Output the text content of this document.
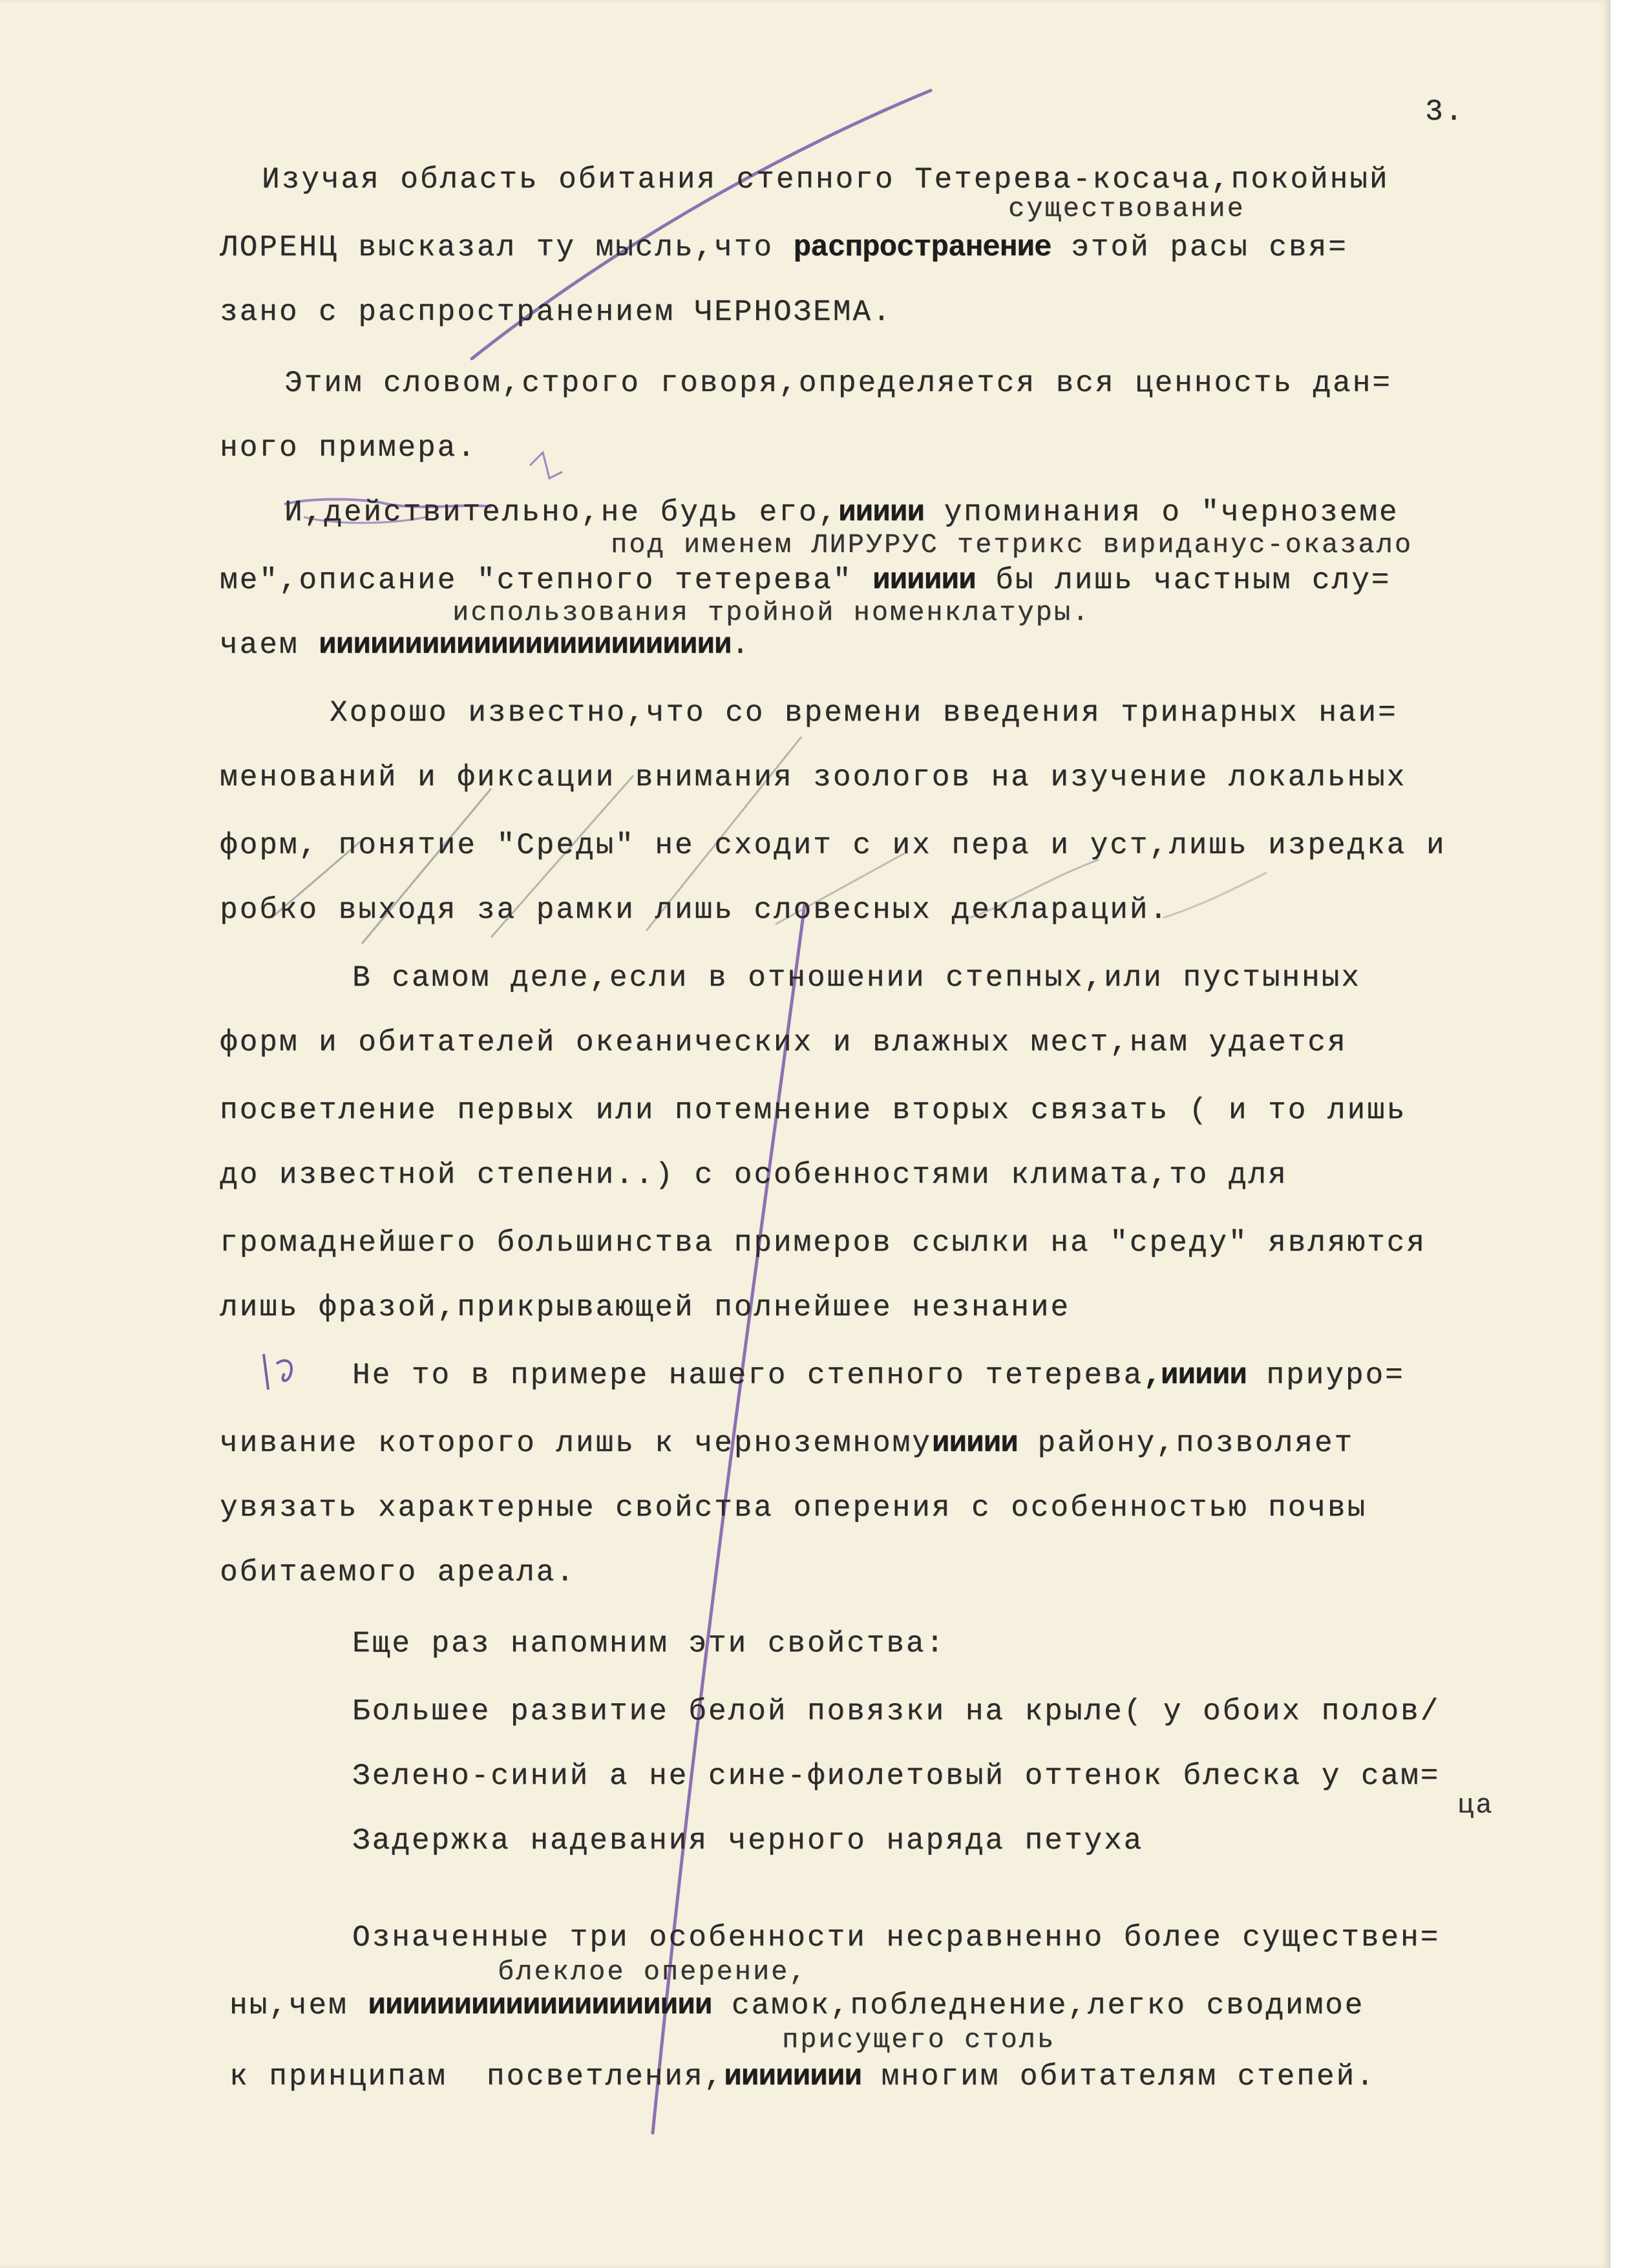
3.
Изучая область обитания степного Тетерева-косача,покойный
существование
ЛОРЕНЦ высказал ту мысль,что распространение этой расы свя=
зано с распространением ЧЕРНОЗЕМА.
Этим словом,строго говоря,определяется вся ценность дан=
ного примера.
И,действительно,не будь его,иииии упоминания о "черноземе
под именем ЛИРУРУС тетрикс вириданус-оказало
ме",описание "степного тетерева" ииииии бы лишь частным слу=
использования тройной номенклатуры.
чаем ииииииииииииииииииииииии.
Хорошо известно,что со времени введения тринарных наи=
менований и фиксации внимания зоологов на изучение локальных
форм, понятие "Среды" не сходит с их пера и уст,лишь изредка и
робко выходя за рамки лишь словесных деклараций.
В самом деле,если в отношении степных,или пустынных
форм и обитателей океанических и влажных мест,нам удается
посветление первых или потемнение вторых связать ( и то лишь
до известной степени..) с особенностями климата,то для
громаднейшего большинства примеров ссылки на "среду" являются
лишь фразой,прикрывающей полнейшее незнание
Не то в примере нашего степного тетерева,иииии приуро=
чивание которого лишь к черноземномуиииии району,позволяет
увязать характерные свойства оперения с особенностью почвы
обитаемого ареала.
Еще раз напомним эти свойства:
Большее развитие белой повязки на крыле( у обоих полов/
Зелено-синий а не сине-фиолетовый оттенок блеска у сам=
ца
Задержка надевания черного наряда петуха
Означенные три особенности несравненно более существен=
блеклое оперение,
ны,чем ииииииииииииииииииии самок,побледнение,легко сводимое
присущего столь
к принципам  посветления,ииииииии многим обитателям степей.
